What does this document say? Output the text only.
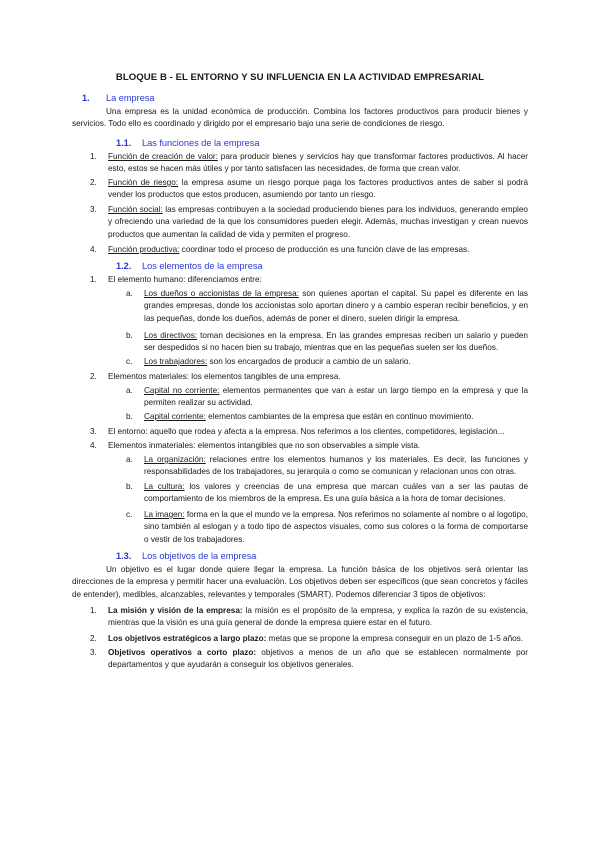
BLOQUE B - EL ENTORNO Y SU INFLUENCIA EN LA ACTIVIDAD EMPRESARIAL
1. La empresa
Una empresa es la unidad económica de producción. Combina los factores productivos para producir bienes y servicios. Todo ello es coordinado y dirigido por el empresario bajo una serie de condiciones de riesgo.
1.1. Las funciones de la empresa
1. Función de creación de valor: para producir bienes y servicios hay que transformar factores productivos. Al hacer esto, estos se hacen más útiles y por tanto satisfacen las necesidades, de forma que crean valor.
2. Función de riesgo: la empresa asume un riesgo porque paga los factores productivos antes de saber si podrá vender los productos que estos producen, asumiendo por tanto un riesgo.
3. Función social: las empresas contribuyen a la sociedad produciendo bienes para los individuos, generando empleo y ofreciendo una variedad de la que los consumidores pueden elegir. Además, muchas investigan y crean nuevos productos que aumentan la calidad de vida y permiten el progreso.
4. Función productiva: coordinar todo el proceso de producción es una función clave de las empresas.
1.2. Los elementos de la empresa
1. El elemento humano: diferenciamos entre:
a. Los dueños o accionistas de la empresa: son quienes aportan el capital. Su papel es diferente en las grandes empresas, donde los accionistas solo aportan dinero y a cambio esperan recibir beneficios, y en las pequeñas, donde los dueños, además de poner el dinero, suelen dirigir la empresa.
b. Los directivos: toman decisiones en la empresa. En las grandes empresas reciben un salario y pueden ser despedidos si no hacen bien su trabajo, mientras que en las pequeñas suelen ser los dueños.
c. Los trabajadores: son los encargados de producir a cambio de un salario.
2. Elementos materiales: los elementos tangibles de una empresa.
a. Capital no corriente: elementos permanentes que van a estar un largo tiempo en la empresa y que la permiten realizar su actividad.
b. Capital corriente: elementos cambiantes de la empresa que están en continuo movimiento.
3. El entorno: aquello que rodea y afecta a la empresa. Nos referimos a los clientes, competidores, legislación...
4. Elementos inmateriales: elementos intangibles que no son observables a simple vista.
a. La organización: relaciones entre los elementos humanos y los materiales. Es decir, las funciones y responsabilidades de los trabajadores, su jerarquía o como se comunican y relacionan unos con otras.
b. La cultura: los valores y creencias de una empresa que marcan cuáles van a ser las pautas de comportamiento de los miembros de la empresa. Es una guía básica a la hora de tomar decisiones.
c. La imagen: forma en la que el mundo ve la empresa. Nos referimos no solamente al nombre o al logotipo, sino también al eslogan y a todo tipo de aspectos visuales, como sus colores o la forma de comportarse o vestir de los trabajadores.
1.3. Los objetivos de la empresa
Un objetivo es el lugar donde quiere llegar la empresa. La función básica de los objetivos será orientar las direcciones de la empresa y permitir hacer una evaluación. Los objetivos deben ser específicos (que sean concretos y fáciles de entender), medibles, alcanzables, relevantes y temporales (SMART). Podemos diferenciar 3 tipos de objetivos:
1. La misión y visión de la empresa: la misión es el propósito de la empresa, y explica la razón de su existencia, mientras que la visión es una guía general de donde la empresa quiere estar en el futuro.
2. Los objetivos estratégicos a largo plazo: metas que se propone la empresa conseguir en un plazo de 1-5 años.
3. Objetivos operativos a corto plazo: objetivos a menos de un año que se establecen normalmente por departamentos y que ayudarán a conseguir los objetivos generales.
